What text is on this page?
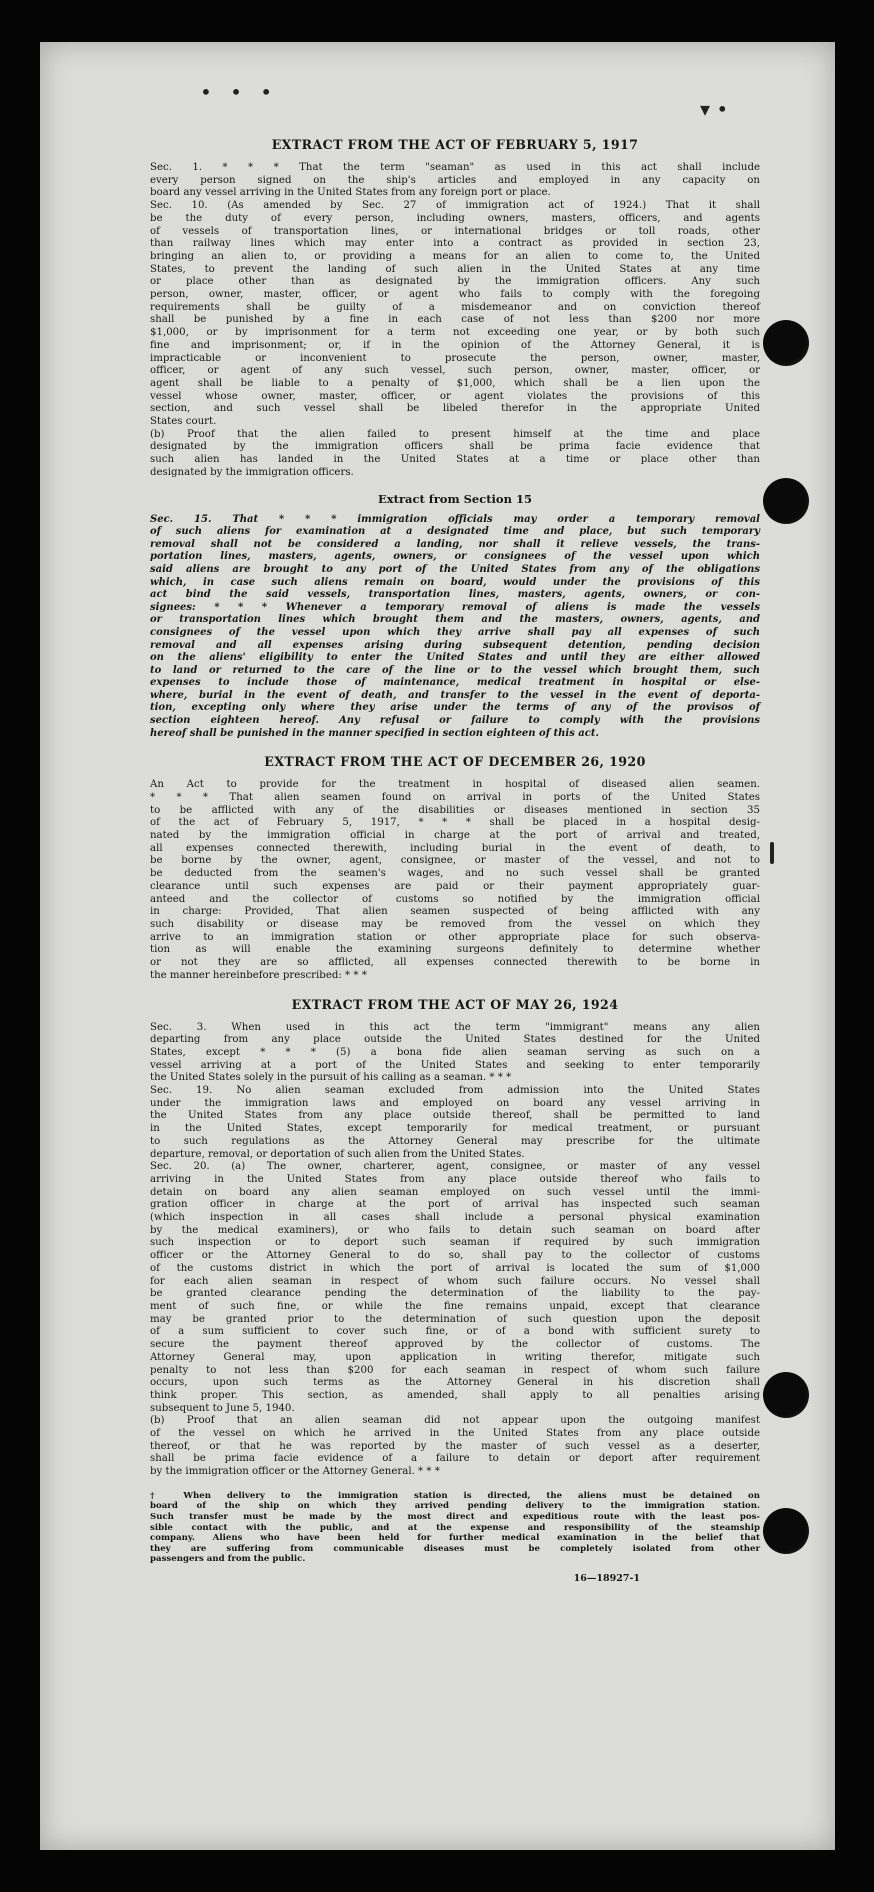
• • •
▾ •
EXTRACT FROM THE ACT OF FEBRUARY 5, 1917

Sec. 1. * * * That the term "seaman" as used in this act shall include

every person signed on the ship's articles and employed in any capacity on

board any vessel arriving in the United States from any foreign port or place.

Sec. 10. (As amended by Sec. 27 of immigration act of 1924.) That it shall

be the duty of every person, including owners, masters, officers, and agents

of vessels of transportation lines, or international bridges or toll roads, other

than railway lines which may enter into a contract as provided in section 23,

bringing an alien to, or providing a means for an alien to come to, the United

States, to prevent the landing of such alien in the United States at any time

or place other than as designated by the immigration officers. Any such

person, owner, master, officer, or agent who fails to comply with the foregoing

requirements shall be guilty of a misdemeanor and on conviction thereof

shall be punished by a fine in each case of not less than $200 nor more

$1,000, or by imprisonment for a term not exceeding one year, or by both such

fine and imprisonment; or, if in the opinion of the Attorney General, it is

impracticable or inconvenient to prosecute the person, owner, master,

officer, or agent of any such vessel, such person, owner, master, officer, or

agent shall be liable to a penalty of $1,000, which shall be a lien upon the

vessel whose owner, master, officer, or agent violates the provisions of this

section, and such vessel shall be libeled therefor in the appropriate United

States court.

(b) Proof that the alien failed to present himself at the time and place

designated by the immigration officers shall be prima facie evidence that

such alien has landed in the United States at a time or place other than

designated by the immigration officers.

Extract from Section 15

Sec. 15. That * * * immigration officials may order a temporary removal

of such aliens for examination at a designated time and place, but such temporary

removal shall not be considered a landing, nor shall it relieve vessels, the trans-

portation lines, masters, agents, owners, or consignees of the vessel upon which

said aliens are brought to any port of the United States from any of the obligations

which, in case such aliens remain on board, would under the provisions of this

act bind the said vessels, transportation lines, masters, agents, owners, or con-

signees: * * * Whenever a temporary removal of aliens is made the vessels

or transportation lines which brought them and the masters, owners, agents, and

consignees of the vessel upon which they arrive shall pay all expenses of such

removal and all expenses arising during subsequent detention, pending decision

on the aliens' eligibility to enter the United States and until they are either allowed

to land or returned to the care of the line or to the vessel which brought them, such

expenses to include those of maintenance, medical treatment in hospital or else-

where, burial in the event of death, and transfer to the vessel in the event of deporta-

tion, excepting only where they arise under the terms of any of the provisos of

section eighteen hereof. Any refusal or failure to comply with the provisions

hereof shall be punished in the manner specified in section eighteen of this act.

EXTRACT FROM THE ACT OF DECEMBER 26, 1920

An Act to provide for the treatment in hospital of diseased alien seamen.

* * * That alien seamen found on arrival in ports of the United States

to be afflicted with any of the disabilities or diseases mentioned in section 35

of the act of February 5, 1917, * * * shall be placed in a hospital desig-

nated by the immigration official in charge at the port of arrival and treated,

all expenses connected therewith, including burial in the event of death, to

be borne by the owner, agent, consignee, or master of the vessel, and not to

be deducted from the seamen's wages, and no such vessel shall be granted

clearance until such expenses are paid or their payment appropriately guar-

anteed and the collector of customs so notified by the immigration official

in charge: Provided, That alien seamen suspected of being afflicted with any

such disability or disease may be removed from the vessel on which they

arrive to an immigration station or other appropriate place for such observa-

tion as will enable the examining surgeons definitely to determine whether

or not they are so afflicted, all expenses connected therewith to be borne in

the manner hereinbefore prescribed: * * *

EXTRACT FROM THE ACT OF MAY 26, 1924

Sec. 3. When used in this act the term "immigrant" means any alien

departing from any place outside the United States destined for the United

States, except * * * (5) a bona fide alien seaman serving as such on a

vessel arriving at a port of the United States and seeking to enter temporarily

the United States solely in the pursuit of his calling as a seaman. * * *

Sec. 19. No alien seaman excluded from admission into the United States

under the immigration laws and employed on board any vessel arriving in

the United States from any place outside thereof, shall be permitted to land

in the United States, except temporarily for medical treatment, or pursuant

to such regulations as the Attorney General may prescribe for the ultimate

departure, removal, or deportation of such alien from the United States.

Sec. 20. (a) The owner, charterer, agent, consignee, or master of any vessel

arriving in the United States from any place outside thereof who fails to

detain on board any alien seaman employed on such vessel until the immi-

gration officer in charge at the port of arrival has inspected such seaman

(which inspection in all cases shall include a personal physical examination

by the medical examiners), or who fails to detain such seaman on board after

such inspection or to deport such seaman if required by such immigration

officer or the Attorney General to do so, shall pay to the collector of customs

of the customs district in which the port of arrival is located the sum of $1,000

for each alien seaman in respect of whom such failure occurs. No vessel shall

be granted clearance pending the determination of the liability to the pay-

ment of such fine, or while the fine remains unpaid, except that clearance

may be granted prior to the determination of such question upon the deposit

of a sum sufficient to cover such fine, or of a bond with sufficient surety to

secure the payment thereof approved by the collector of customs. The

Attorney General may, upon application in writing therefor, mitigate such

penalty to not less than $200 for each seaman in respect of whom such failure

occurs, upon such terms as the Attorney General in his discretion shall

think proper. This section, as amended, shall apply to all penalties arising

subsequent to June 5, 1940.

(b) Proof that an alien seaman did not appear upon the outgoing manifest

of the vessel on which he arrived in the United States from any place outside

thereof, or that he was reported by the master of such vessel as a deserter,

shall be prima facie evidence of a failure to detain or deport after requirement

by the immigration officer or the Attorney General. * * *

† When delivery to the immigration station is directed, the aliens must be detained on
board of the ship on which they arrived pending delivery to the immigration station.
Such transfer must be made by the most direct and expeditious route with the least pos-
sible contact with the public, and at the expense and responsibility of the steamship
company. Aliens who have been held for further medical examination in the belief that
they are suffering from communicable diseases must be completely isolated from other
passengers and from the public.
16—18927-1
